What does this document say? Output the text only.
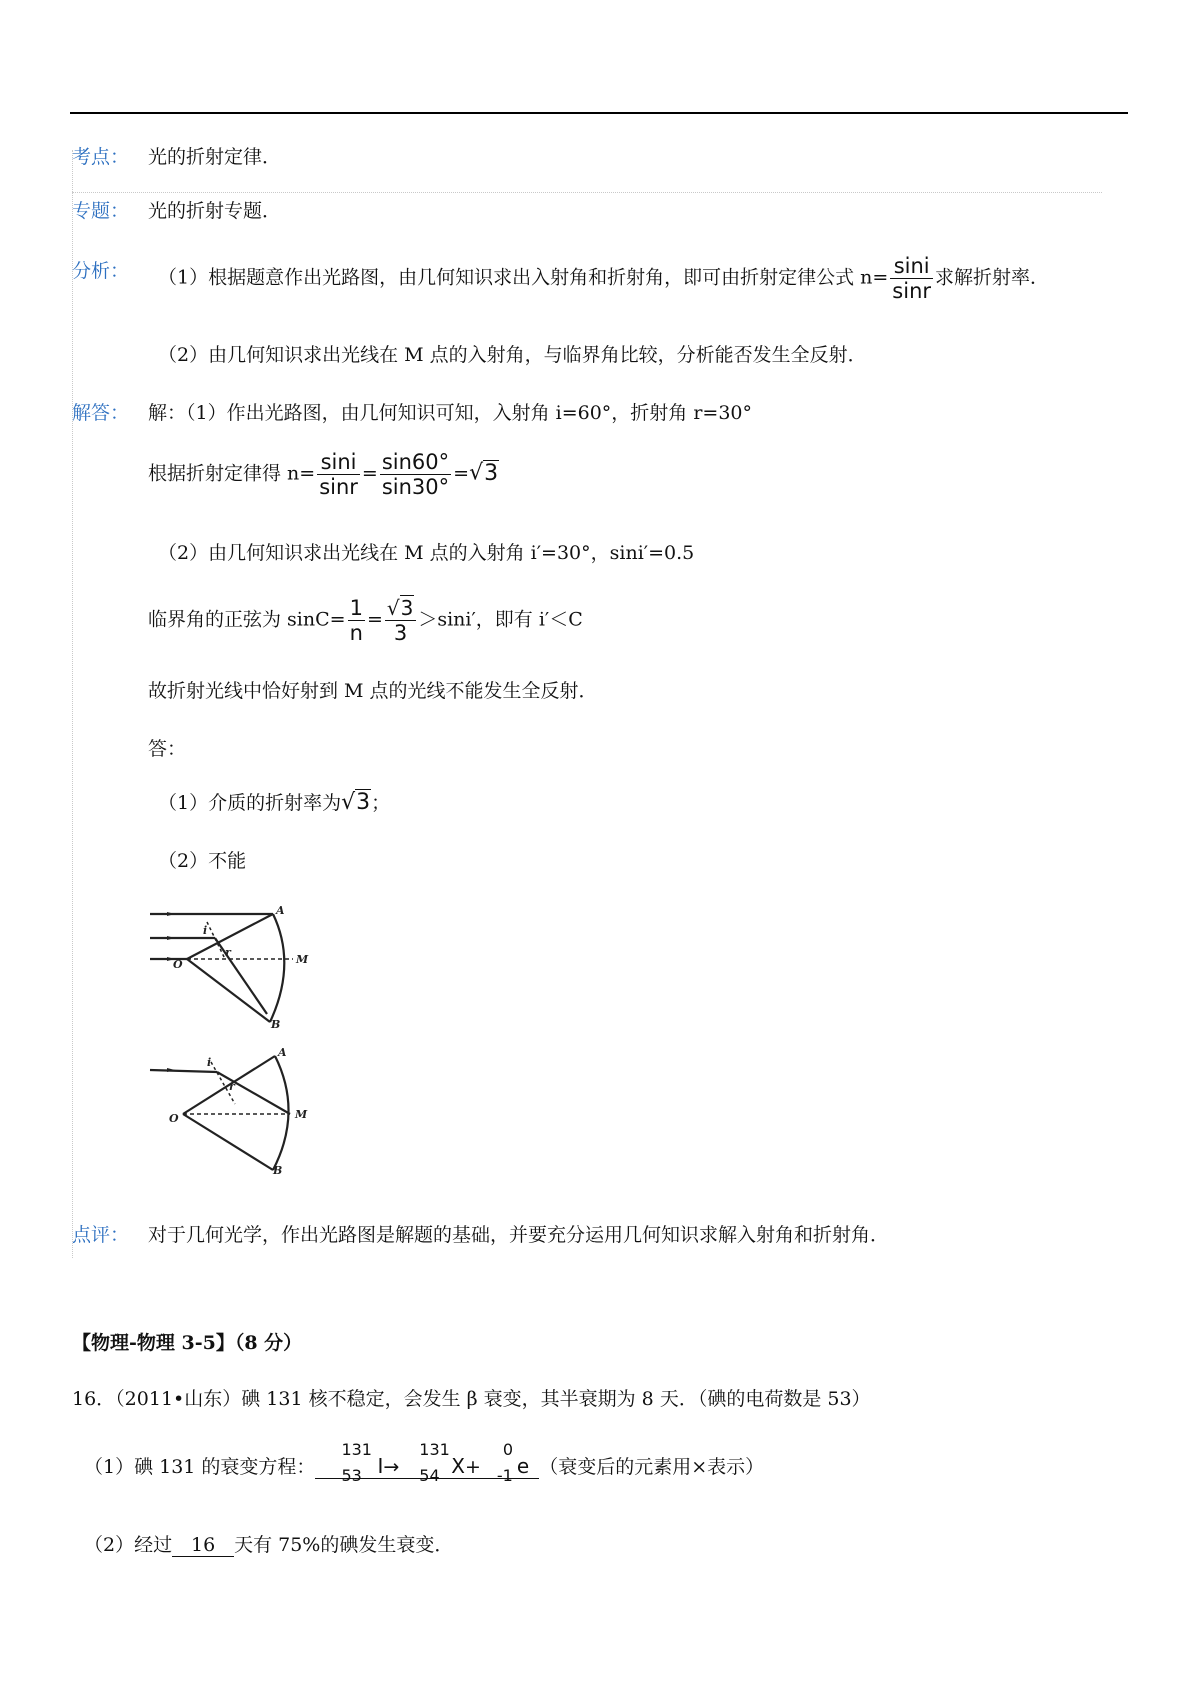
考点： 光的折射定律．
专题： 光的折射专题．
分析： （1）根据题意作出光路图，由几何知识求出入射角和折射角，即可由折射定律公式 $n= \frac{\sin i}{\sin r}$ 求解折射率．
（2）由几何知识求出光线在 M 点的入射角，与临界角比较，分析能否发生全反射．
解答： 解：（1）作出光路图，由几何知识可知，入射角 i=60°，折射角 r=30°
根据折射定律得 $n= \frac{\sin i}{\sin r} = \frac{\sin 60^\circ}{\sin 30^\circ} =√3$
（2）由几何知识求出光线在 M 点的入射角 i′=30°，sini′=0.5
临界角的正弦为 $\sin C= \frac{1}{n} = \frac{√3}{3} >\sin i'$，即有 i′＜C
故折射光线中恰好射到 M 点的光线不能发生全反射．
答：
（1）介质的折射率为√3；
（2）不能
A
M
B
O
i
r
A
M
B
O
i
r
点评： 对于几何光学，作出光路图是解题的基础，并要充分运用几何知识求解入射角和折射角．
【物理-物理 3-5】（8 分）
16．（2011•山东）碘 131 核不稳定，会发生 β 衰变，其半衰期为 8 天．（碘的电荷数是 53）
（1）碘 131 的衰变方程：
131
53 I→
131
54 X+
0
-1 e （衰变后的元素用×表示）
（2）经过 16 天有 75%的碘发生衰变．
